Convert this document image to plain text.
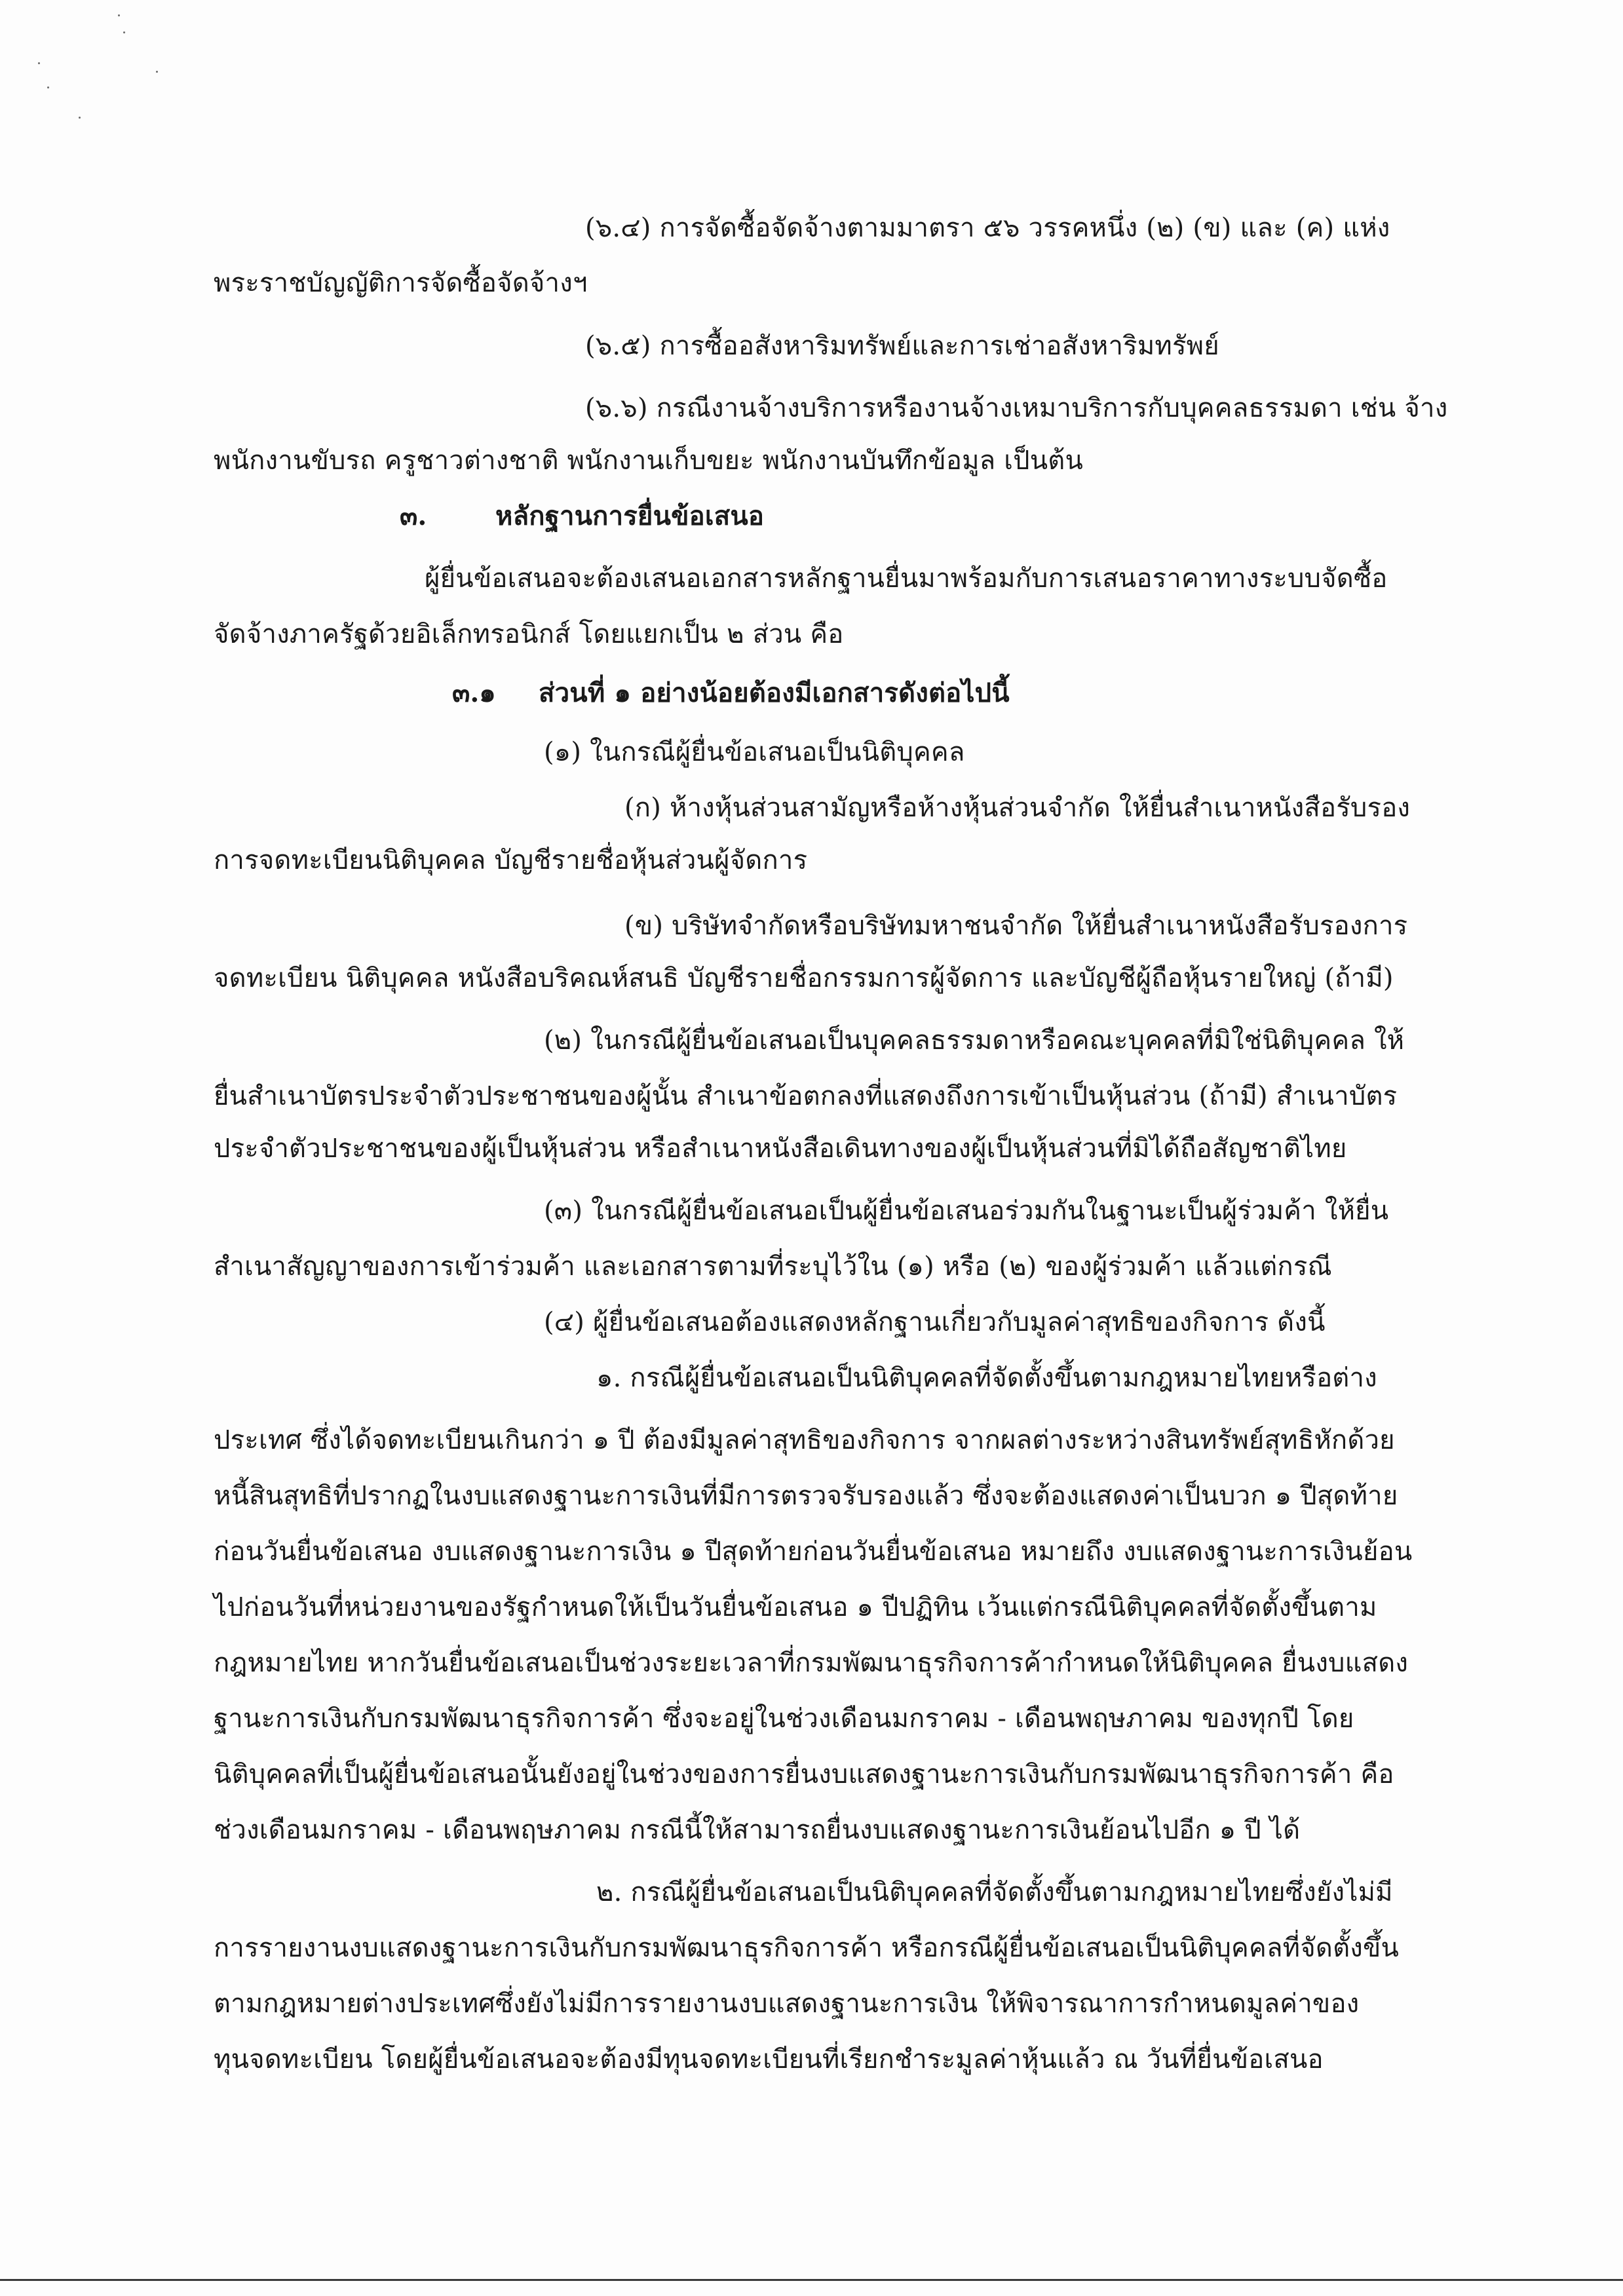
(๖.๔) การจัดซื้อจัดจ้างตามมาตรา ๕๖ วรรคหนึ่ง (๒) (ข) และ (ค) แห่ง
พระราชบัญญัติการจัดซื้อจัดจ้างฯ
(๖.๕) การซื้ออสังหาริมทรัพย์และการเช่าอสังหาริมทรัพย์
(๖.๖) กรณีงานจ้างบริการหรืองานจ้างเหมาบริการกับบุคคลธรรมดา เช่น จ้าง
พนักงานขับรถ ครูชาวต่างชาติ พนักงานเก็บขยะ พนักงานบันทึกข้อมูล เป็นต้น
๓.	หลักฐานการยื่นข้อเสนอ
ผู้ยื่นข้อเสนอจะต้องเสนอเอกสารหลักฐานยื่นมาพร้อมกับการเสนอราคาทางระบบจัดซื้อ
จัดจ้างภาครัฐด้วยอิเล็กทรอนิกส์ โดยแยกเป็น ๒ ส่วน คือ
๓.๑ ส่วนที่ ๑ อย่างน้อยต้องมีเอกสารดังต่อไปนี้
(๑) ในกรณีผู้ยื่นข้อเสนอเป็นนิติบุคคล
(ก) ห้างหุ้นส่วนสามัญหรือห้างหุ้นส่วนจำกัด ให้ยื่นสำเนาหนังสือรับรอง
การจดทะเบียนนิติบุคคล บัญชีรายชื่อหุ้นส่วนผู้จัดการ
(ข) บริษัทจำกัดหรือบริษัทมหาชนจำกัด ให้ยื่นสำเนาหนังสือรับรองการ
จดทะเบียน นิติบุคคล หนังสือบริคณห์สนธิ บัญชีรายชื่อกรรมการผู้จัดการ และบัญชีผู้ถือหุ้นรายใหญ่ (ถ้ามี)
(๒) ในกรณีผู้ยื่นข้อเสนอเป็นบุคคลธรรมดาหรือคณะบุคคลที่มิใช่นิติบุคคล ให้
ยื่นสำเนาบัตรประจำตัวประชาชนของผู้นั้น สำเนาข้อตกลงที่แสดงถึงการเข้าเป็นหุ้นส่วน (ถ้ามี) สำเนาบัตร
ประจำตัวประชาชนของผู้เป็นหุ้นส่วน หรือสำเนาหนังสือเดินทางของผู้เป็นหุ้นส่วนที่มิได้ถือสัญชาติไทย
(๓) ในกรณีผู้ยื่นข้อเสนอเป็นผู้ยื่นข้อเสนอร่วมกันในฐานะเป็นผู้ร่วมค้า ให้ยื่น
สำเนาสัญญาของการเข้าร่วมค้า และเอกสารตามที่ระบุไว้ใน (๑) หรือ (๒) ของผู้ร่วมค้า แล้วแต่กรณี
(๔) ผู้ยื่นข้อเสนอต้องแสดงหลักฐานเกี่ยวกับมูลค่าสุทธิของกิจการ ดังนี้
๑. กรณีผู้ยื่นข้อเสนอเป็นนิติบุคคลที่จัดตั้งขึ้นตามกฎหมายไทยหรือต่าง
ประเทศ ซึ่งได้จดทะเบียนเกินกว่า ๑ ปี ต้องมีมูลค่าสุทธิของกิจการ จากผลต่างระหว่างสินทรัพย์สุทธิหักด้วย
หนี้สินสุทธิที่ปรากฏในงบแสดงฐานะการเงินที่มีการตรวจรับรองแล้ว ซึ่งจะต้องแสดงค่าเป็นบวก ๑ ปีสุดท้าย
ก่อนวันยื่นข้อเสนอ งบแสดงฐานะการเงิน ๑ ปีสุดท้ายก่อนวันยื่นข้อเสนอ หมายถึง งบแสดงฐานะการเงินย้อน
ไปก่อนวันที่หน่วยงานของรัฐกำหนดให้เป็นวันยื่นข้อเสนอ ๑ ปีปฏิทิน เว้นแต่กรณีนิติบุคคลที่จัดตั้งขึ้นตาม
กฎหมายไทย หากวันยื่นข้อเสนอเป็นช่วงระยะเวลาที่กรมพัฒนาธุรกิจการค้ากำหนดให้นิติบุคคล ยื่นงบแสดง
ฐานะการเงินกับกรมพัฒนาธุรกิจการค้า ซึ่งจะอยู่ในช่วงเดือนมกราคม - เดือนพฤษภาคม ของทุกปี โดย
นิติบุคคลที่เป็นผู้ยื่นข้อเสนอนั้นยังอยู่ในช่วงของการยื่นงบแสดงฐานะการเงินกับกรมพัฒนาธุรกิจการค้า คือ
ช่วงเดือนมกราคม - เดือนพฤษภาคม กรณีนี้ให้สามารถยื่นงบแสดงฐานะการเงินย้อนไปอีก ๑ ปี ได้
๒. กรณีผู้ยื่นข้อเสนอเป็นนิติบุคคลที่จัดตั้งขึ้นตามกฎหมายไทยซึ่งยังไม่มี
การรายงานงบแสดงฐานะการเงินกับกรมพัฒนาธุรกิจการค้า หรือกรณีผู้ยื่นข้อเสนอเป็นนิติบุคคลที่จัดตั้งขึ้น
ตามกฎหมายต่างประเทศซึ่งยังไม่มีการรายงานงบแสดงฐานะการเงิน ให้พิจารณาการกำหนดมูลค่าของ
ทุนจดทะเบียน โดยผู้ยื่นข้อเสนอจะต้องมีทุนจดทะเบียนที่เรียกชำระมูลค่าหุ้นแล้ว ณ วันที่ยื่นข้อเสนอ
